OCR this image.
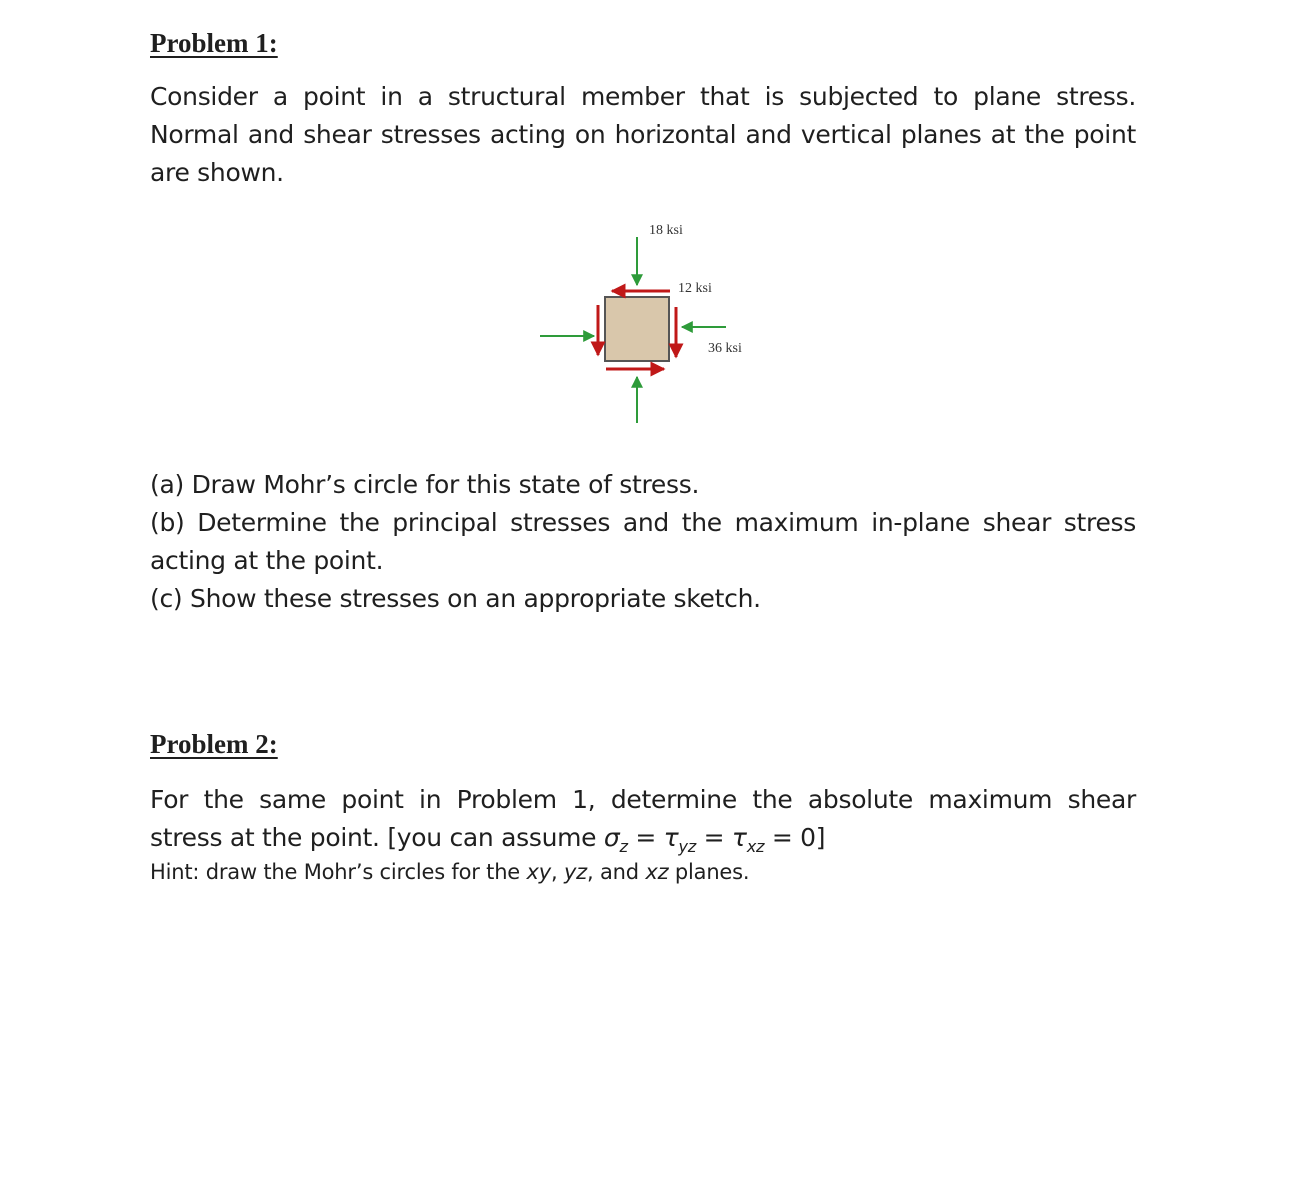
Problem 1:
Consider a point in a structural member that is subjected to plane stress.
Normal and shear stresses acting on horizontal and vertical planes at the point
are shown.
18 ksi
12 ksi
36 ksi
(a) Draw Mohr’s circle for this state of stress.
(b) Determine the principal stresses and the maximum in-plane shear stress
acting at the point.
(c) Show these stresses on an appropriate sketch.
Problem 2:
For the same point in Problem 1, determine the absolute maximum shear
stress at the point. [you can assume $\sigma_z = \tau_{yz} = \tau_{xz} = 0$]

Hint: draw the Mohr’s circles for the xy, yz, and xz planes.
